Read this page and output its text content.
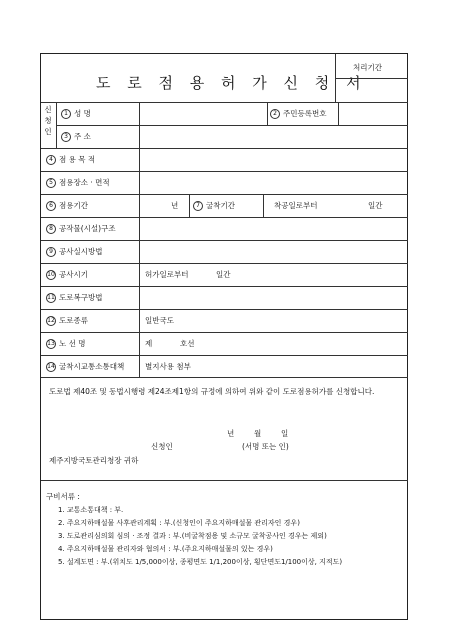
도 로 점 용 허 가 신 청 서
처리기간
신
청
인
1 성 명	2 주민등록번호
3 주 소
4 점 용 목 적
5 점용장소 · 면적
6 점용기간	년	7 굴착기간	착공일로부터	일간
8 공작물(시설)구조
9 공사실시방법
10 공사시기	허가일로부터	일간
11 도로복구방법
12 도로종류	일반국도
13 노 선 명	제	호선
14 굴착시교통소통대책	별지사용 첨부
도로법 제40조 및 동법시행령 제24조제1항의 규정에 의하여 위와 같이 도로점용허가를 신청합니다.
년	월	일
신청인	(서명 또는 인)
제주지방국토관리청장 귀하
구비서류 :
1. 교통소통대책 : 부.
2. 주요지하매설물 사후관리계획 : 부.(신청인이 주요지하매설물 관리자인 경우)
3. 도로관리심의회 심의 · 조정 결과 : 부.(비굴착점용 및 소규모 굴착공사인 경우는 제외)
4. 주요지하매설물 관리자와 협의서 : 부.(주요지하매설물의 있는 경우)
5. 설계도면 : 부.(위치도 1/5,000이상, 종평면도 1/1,200이상, 횡단면도1/100이상, 지적도)
